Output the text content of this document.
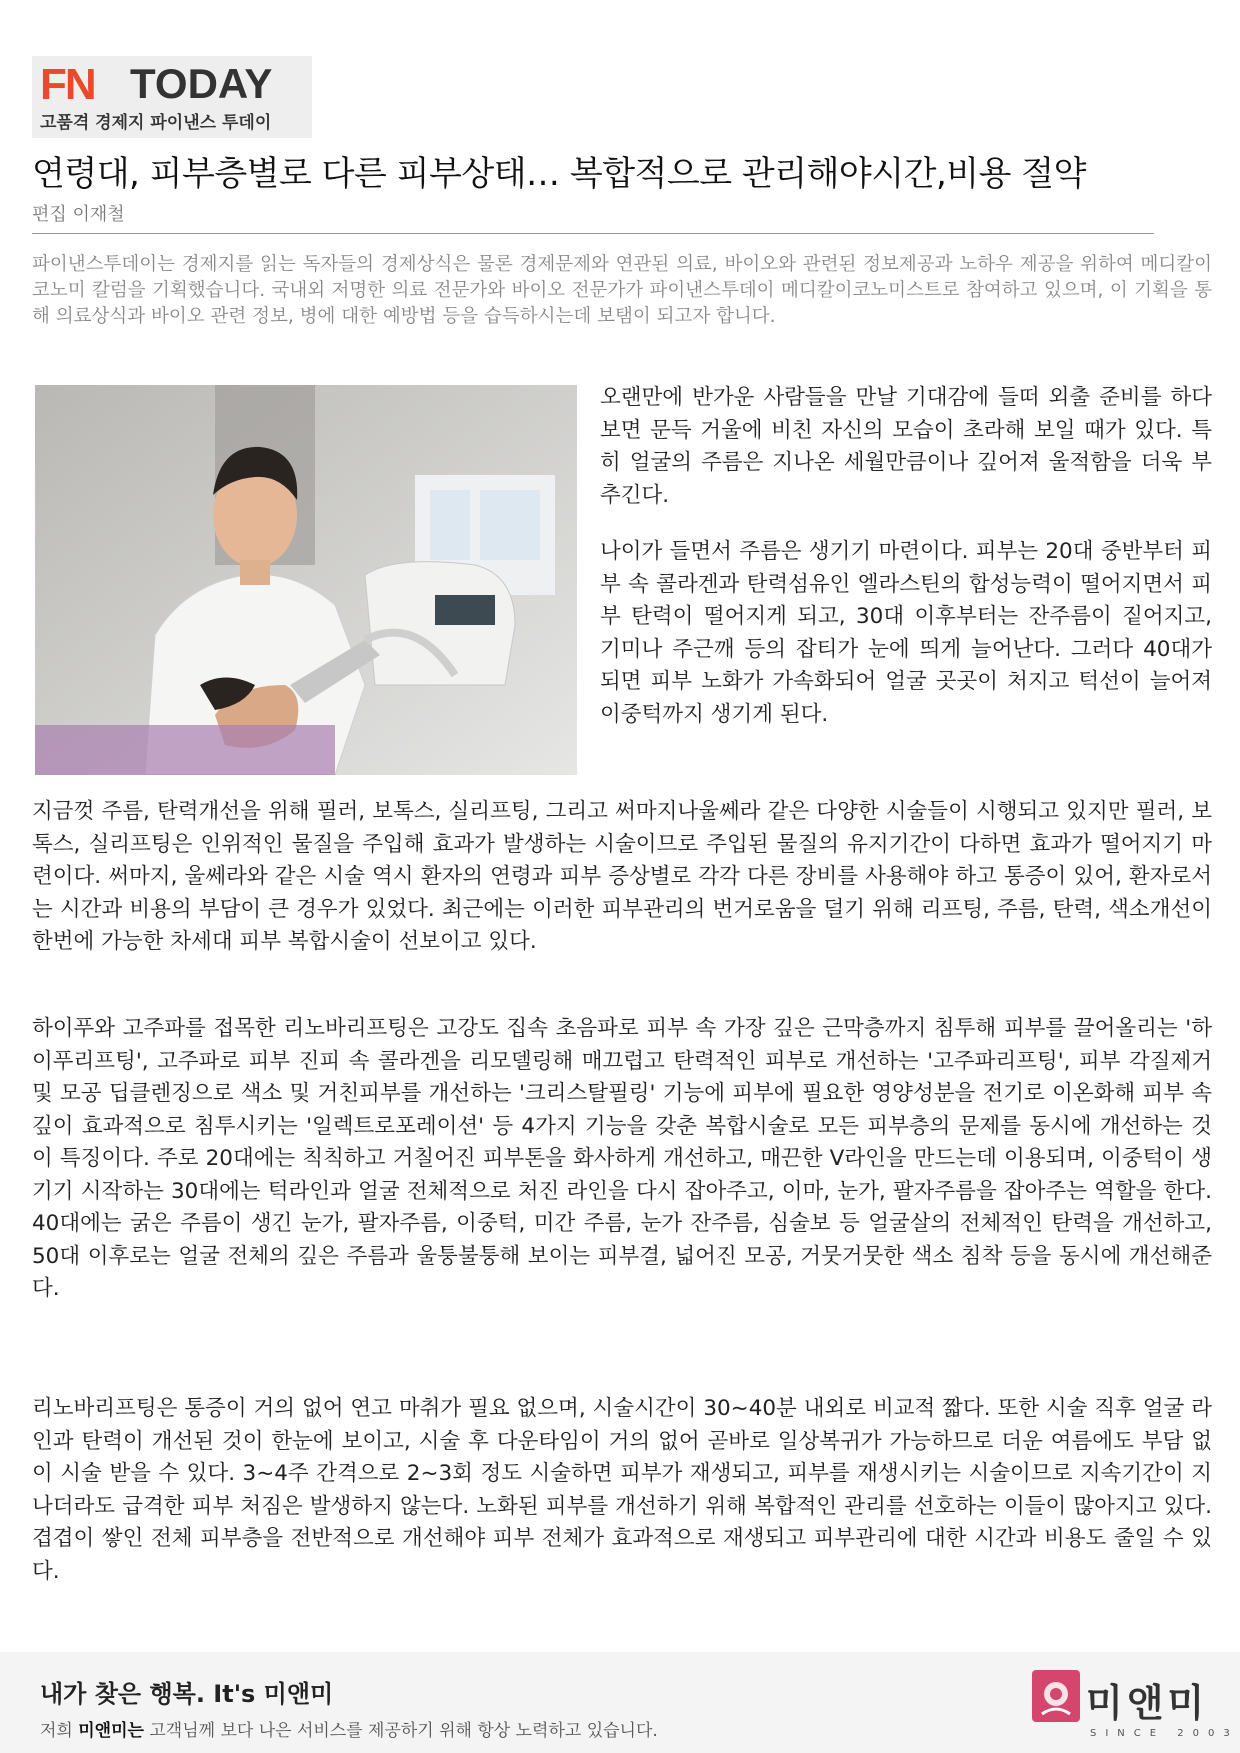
FN TODAY
고품격 경제지 파이낸스 투데이
연령대, 피부층별로 다른 피부상태… 복합적으로 관리해야시간,비용 절약
편집 이재철

파이낸스투데이는 경제지를 읽는 독자들의 경제상식은 물론 경제문제와 연관된 의료, 바이오와 관련된 정보제공과 노하우 제공을 위하여 메디칼이코노미 칼럼을 기획했습니다. 국내외 저명한 의료 전문가와 바이오 전문가가 파이낸스투데이 메디칼이코노미스트로 참여하고 있으며, 이 기획을 통해 의료상식과 바이오 관련 정보, 병에 대한 예방법 등을 습득하시는데 보탬이 되고자 합니다.

오랜만에 반가운 사람들을 만날 기대감에 들떠 외출 준비를 하다보면 문득 거울에 비친 자신의 모습이 초라해 보일 때가 있다. 특히 얼굴의 주름은 지나온 세월만큼이나 깊어져 울적함을 더욱 부추긴다.

나이가 들면서 주름은 생기기 마련이다. 피부는 20대 중반부터 피부 속 콜라겐과 탄력섬유인 엘라스틴의 합성능력이 떨어지면서 피부 탄력이 떨어지게 되고, 30대 이후부터는 잔주름이 짙어지고, 기미나 주근깨 등의 잡티가 눈에 띄게 늘어난다. 그러다 40대가 되면 피부 노화가 가속화되어 얼굴 곳곳이 처지고 턱선이 늘어져 이중턱까지 생기게 된다.

지금껏 주름, 탄력개선을 위해 필러, 보톡스, 실리프팅, 그리고 써마지나울쎄라 같은 다양한 시술들이 시행되고 있지만 필러, 보톡스, 실리프팅은 인위적인 물질을 주입해 효과가 발생하는 시술이므로 주입된 물질의 유지기간이 다하면 효과가 떨어지기 마련이다. 써마지, 울쎄라와 같은 시술 역시 환자의 연령과 피부 증상별로 각각 다른 장비를 사용해야 하고 통증이 있어, 환자로서는 시간과 비용의 부담이 큰 경우가 있었다. 최근에는 이러한 피부관리의 번거로움을 덜기 위해 리프팅, 주름, 탄력, 색소개선이 한번에 가능한 차세대 피부 복합시술이 선보이고 있다.

하이푸와 고주파를 접목한 리노바리프팅은 고강도 집속 초음파로 피부 속 가장 깊은 근막층까지 침투해 피부를 끌어올리는 '하이푸리프팅', 고주파로 피부 진피 속 콜라겐을 리모델링해 매끄럽고 탄력적인 피부로 개선하는 '고주파리프팅', 피부 각질제거 및 모공 딥클렌징으로 색소 및 거친피부를 개선하는 '크리스탈필링' 기능에 피부에 필요한 영양성분을 전기로 이온화해 피부 속 깊이 효과적으로 침투시키는 '일렉트로포레이션' 등 4가지 기능을 갖춘 복합시술로 모든 피부층의 문제를 동시에 개선하는 것이 특징이다. 주로 20대에는 칙칙하고 거칠어진 피부톤을 화사하게 개선하고, 매끈한 V라인을 만드는데 이용되며, 이중턱이 생기기 시작하는 30대에는 턱라인과 얼굴 전체적으로 처진 라인을 다시 잡아주고, 이마, 눈가, 팔자주름을 잡아주는 역할을 한다. 40대에는 굵은 주름이 생긴 눈가, 팔자주름, 이중턱, 미간 주름, 눈가 잔주름, 심술보 등 얼굴살의 전체적인 탄력을 개선하고, 50대 이후로는 얼굴 전체의 깊은 주름과 울퉁불퉁해 보이는 피부결, 넓어진 모공, 거뭇거뭇한 색소 침착 등을 동시에 개선해준다.

리노바리프팅은 통증이 거의 없어 연고 마취가 필요 없으며, 시술시간이 30~40분 내외로 비교적 짧다. 또한 시술 직후 얼굴 라인과 탄력이 개선된 것이 한눈에 보이고, 시술 후 다운타임이 거의 없어 곧바로 일상복귀가 가능하므로 더운 여름에도 부담 없이 시술 받을 수 있다. 3~4주 간격으로 2~3회 정도 시술하면 피부가 재생되고, 피부를 재생시키는 시술이므로 지속기간이 지나더라도 급격한 피부 처짐은 발생하지 않는다. 노화된 피부를 개선하기 위해 복합적인 관리를 선호하는 이들이 많아지고 있다. 겹겹이 쌓인 전체 피부층을 전반적으로 개선해야 피부 전체가 효과적으로 재생되고 피부관리에 대한 시간과 비용도 줄일 수 있다.

내가 찾은 행복. It's 미앤미
저희 미앤미는 고객님께 보다 나은 서비스를 제공하기 위해 항상 노력하고 있습니다.
미앤미
SINCE 2003
